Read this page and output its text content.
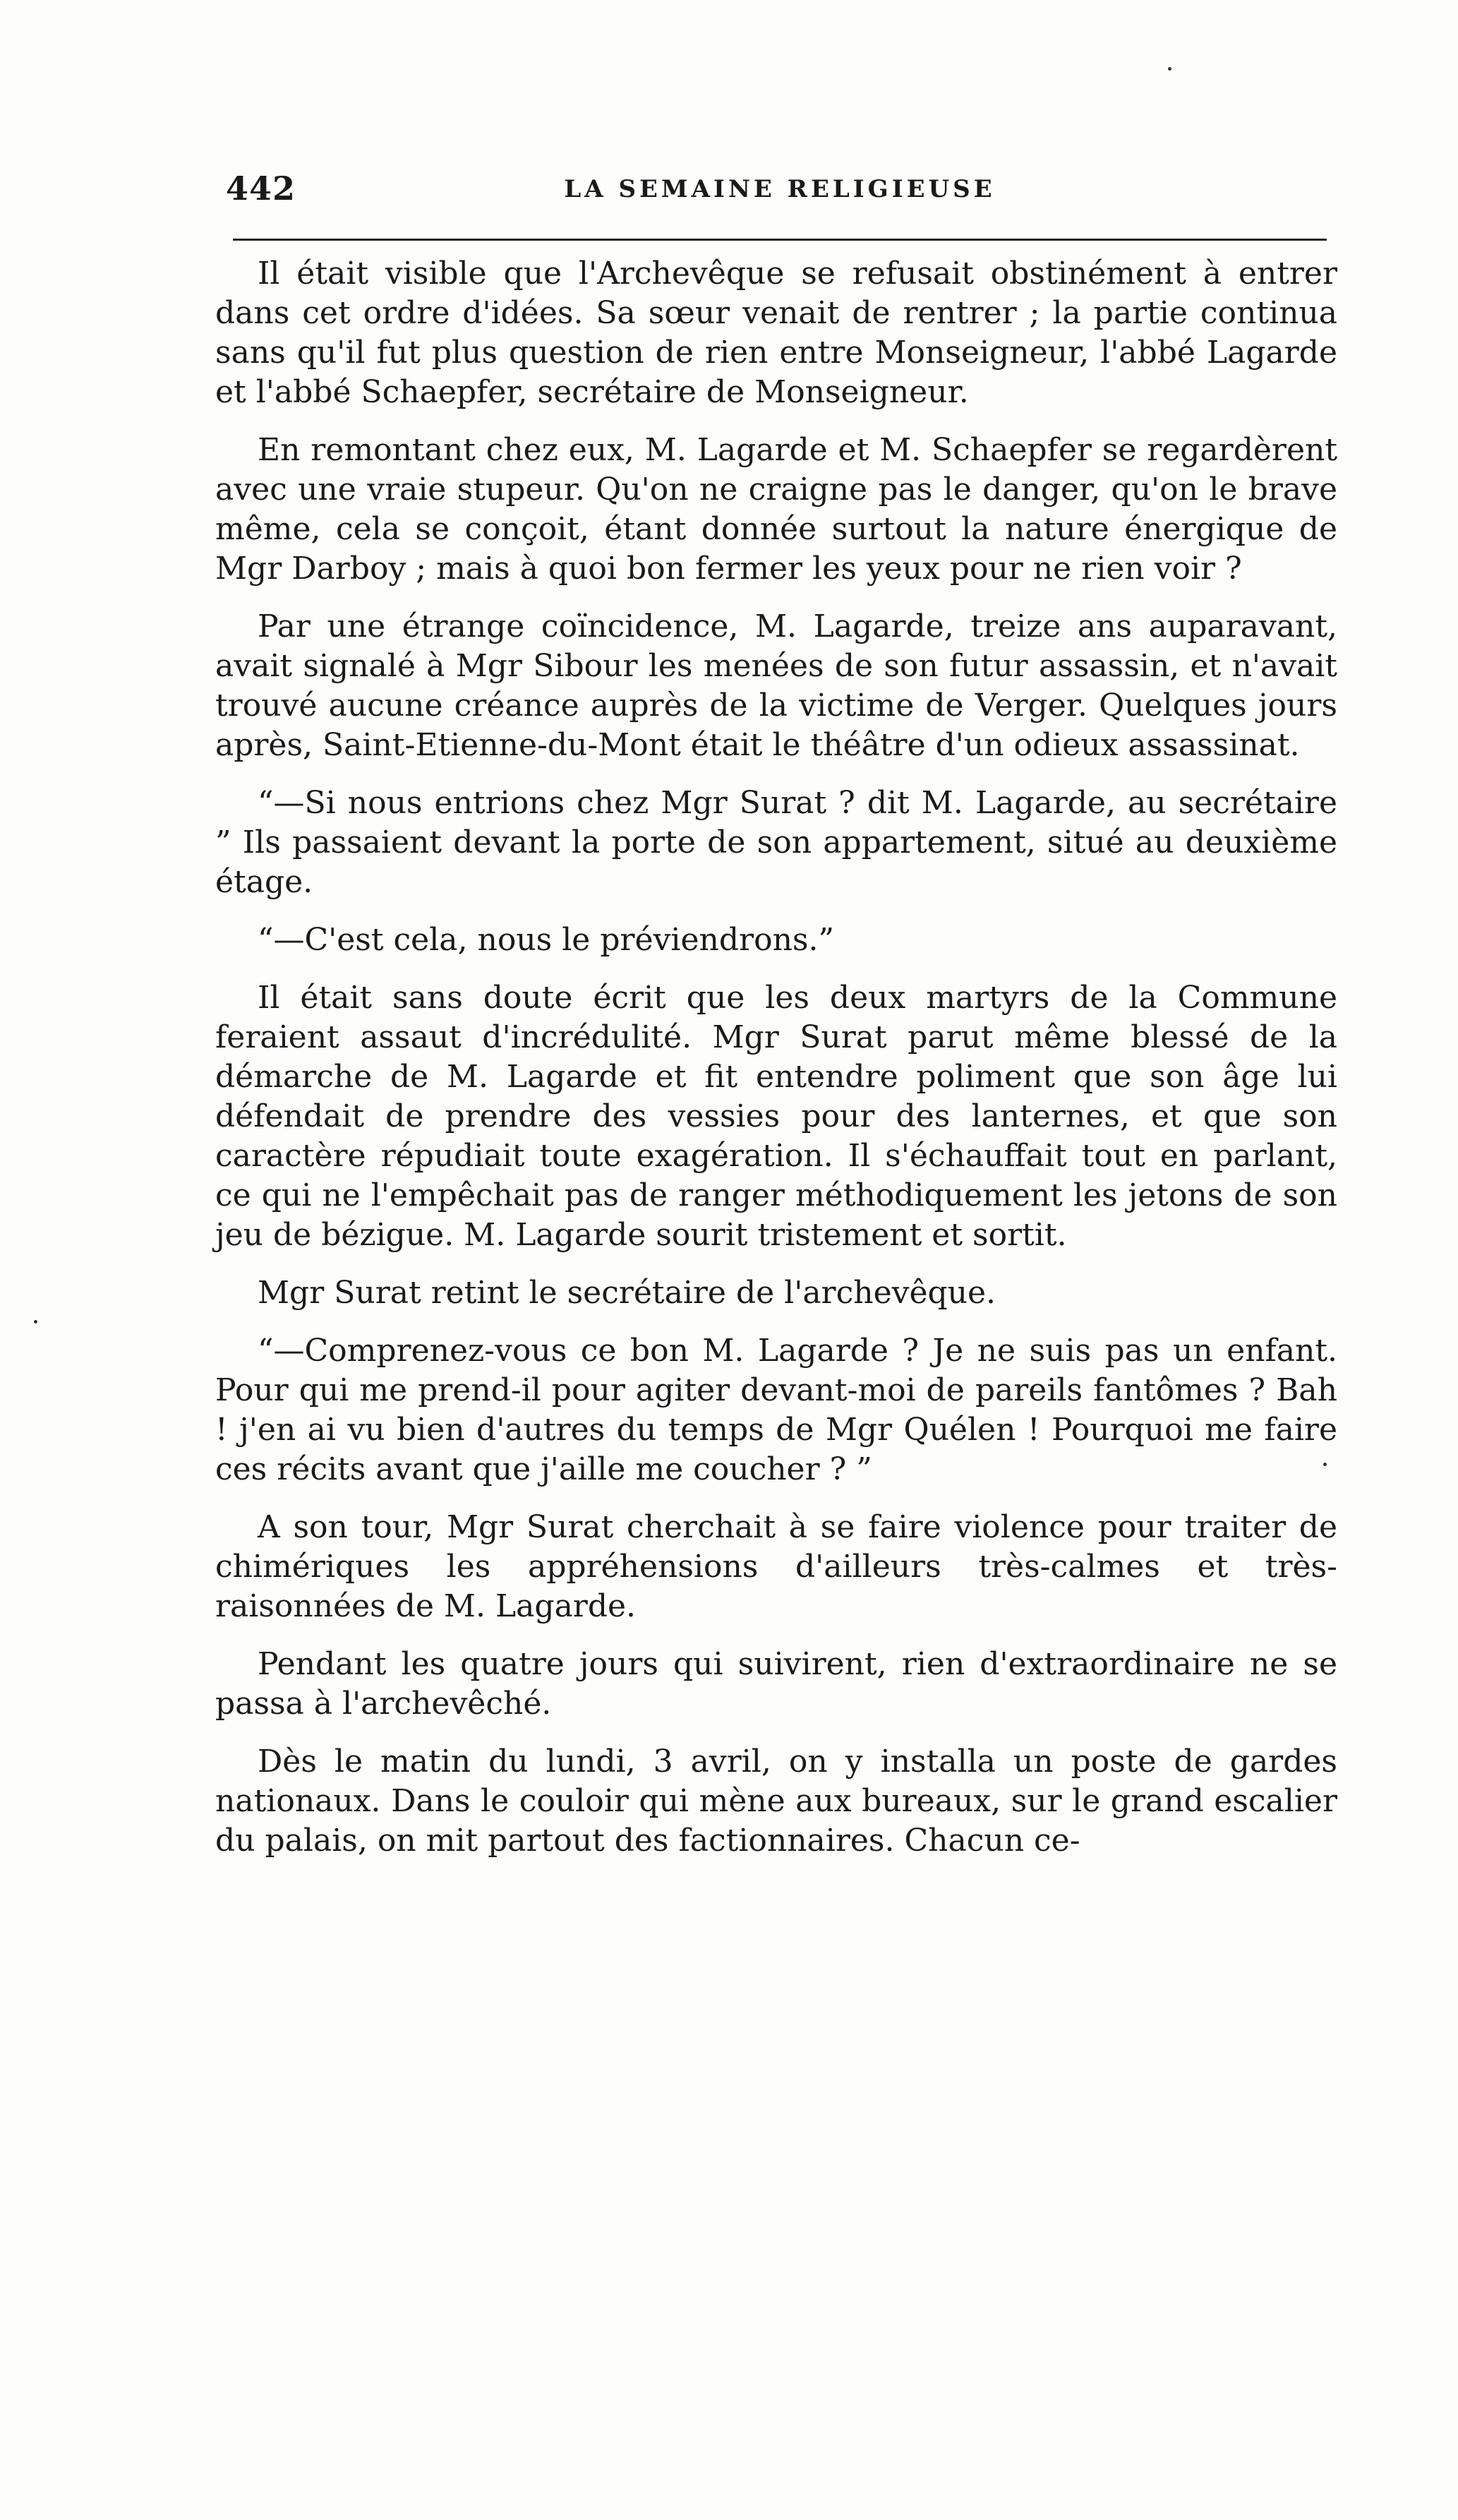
442	LA SEMAINE RELIGIEUSE

Il était visible que l'Archevêque se refusait obstinément à entrer dans cet ordre d'idées. Sa sœur venait de rentrer ; la partie continua sans qu'il fut plus question de rien entre Monseigneur, l'abbé Lagarde et l'abbé Schaepfer, secrétaire de Monseigneur.

En remontant chez eux, M. Lagarde et M. Schaepfer se regardèrent avec une vraie stupeur. Qu'on ne craigne pas le danger, qu'on le brave même, cela se conçoit, étant donnée surtout la nature énergique de Mgr Darboy ; mais à quoi bon fermer les yeux pour ne rien voir ?

Par une étrange coïncidence, M. Lagarde, treize ans auparavant, avait signalé à Mgr Sibour les menées de son futur assassin, et n'avait trouvé aucune créance auprès de la victime de Verger. Quelques jours après, Saint-Etienne-du-Mont était le théâtre d'un odieux assassinat.

“—Si nous entrions chez Mgr Surat ? dit M. Lagarde, au secrétaire ” Ils passaient devant la porte de son appartement, situé au deuxième étage.

“—C'est cela, nous le préviendrons.”

Il était sans doute écrit que les deux martyrs de la Commune feraient assaut d'incrédulité. Mgr Surat parut même blessé de la démarche de M. Lagarde et fit entendre poliment que son âge lui défendait de prendre des vessies pour des lanternes, et que son caractère répudiait toute exagération. Il s'échauffait tout en parlant, ce qui ne l'empêchait pas de ranger méthodiquement les jetons de son jeu de bézigue. M. Lagarde sourit tristement et sortit.

Mgr Surat retint le secrétaire de l'archevêque.

“—Comprenez-vous ce bon M. Lagarde ? Je ne suis pas un enfant. Pour qui me prend-il pour agiter devant-moi de pareils fantômes ? Bah ! j'en ai vu bien d'autres du temps de Mgr Quélen ! Pourquoi me faire ces récits avant que j'aille me coucher ? ”

A son tour, Mgr Surat cherchait à se faire violence pour traiter de chimériques les appréhensions d'ailleurs très-calmes et très-raisonnées de M. Lagarde.

Pendant les quatre jours qui suivirent, rien d'extraordinaire ne se passa à l'archevêché.

Dès le matin du lundi, 3 avril, on y installa un poste de gardes nationaux. Dans le couloir qui mène aux bureaux, sur le grand escalier du palais, on mit partout des factionnaires. Chacun ce-
